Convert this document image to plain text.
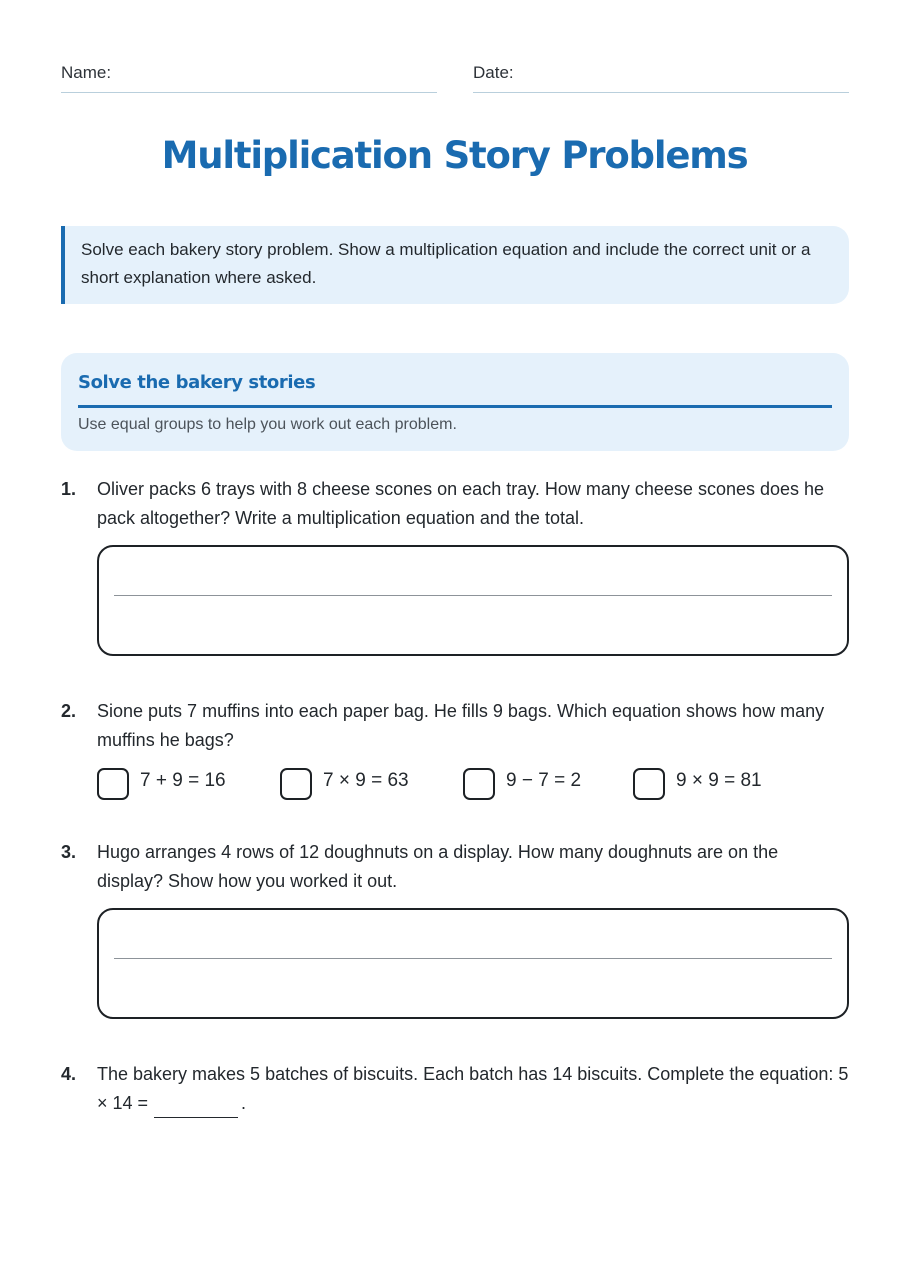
Name:	Date:
Multiplication Story Problems
Solve each bakery story problem. Show a multiplication equation and include the correct unit or a short explanation where asked.
Solve the bakery stories
Use equal groups to help you work out each problem.
1. Oliver packs 6 trays with 8 cheese scones on each tray. How many cheese scones does he pack altogether? Write a multiplication equation and the total.
2. Sione puts 7 muffins into each paper bag. He fills 9 bags. Which equation shows how many muffins he bags?
7 + 9 = 16	7 × 9 = 63	9 − 7 = 2	9 × 9 = 81
3. Hugo arranges 4 rows of 12 doughnuts on a display. How many doughnuts are on the display? Show how you worked it out.
4. The bakery makes 5 batches of biscuits. Each batch has 14 biscuits. Complete the equation: 5 × 14 =	.
